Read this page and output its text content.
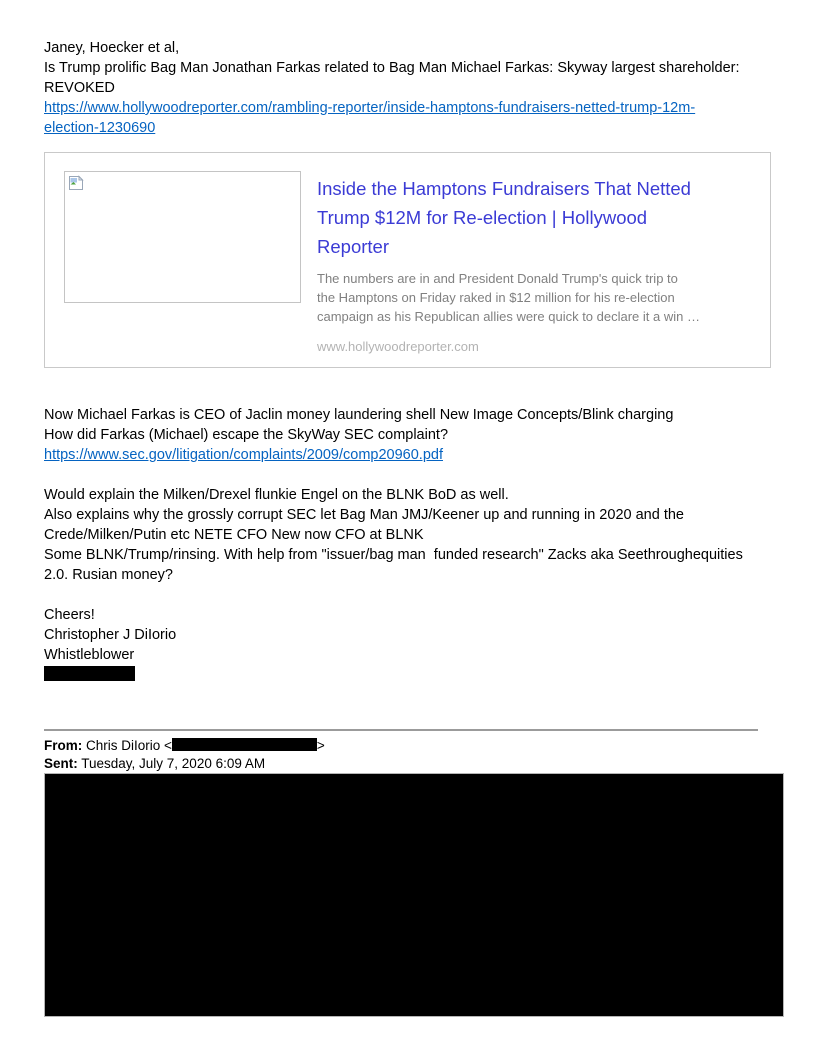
Janey, Hoecker et al,
Is Trump prolific Bag Man Jonathan Farkas related to Bag Man Michael Farkas: Skyway largest shareholder:
REVOKED
https://www.hollywoodreporter.com/rambling-reporter/inside-hamptons-fundraisers-netted-trump-12m-
election-1230690
Inside the Hamptons Fundraisers That Netted
Trump $12M for Re-election | Hollywood
Reporter
The numbers are in and President Donald Trump's quick trip to
the Hamptons on Friday raked in $12 million for his re-election
campaign as his Republican allies were quick to declare it a win …
www.hollywoodreporter.com
Now Michael Farkas is CEO of Jaclin money laundering shell New Image Concepts/Blink charging
How did Farkas (Michael) escape the SkyWay SEC complaint?
https://www.sec.gov/litigation/complaints/2009/comp20960.pdf
Would explain the Milken/Drexel flunkie Engel on the BLNK BoD as well.
Also explains why the grossly corrupt SEC let Bag Man JMJ/Keener up and running in 2020 and the
Crede/Milken/Putin etc NETE CFO New now CFO at BLNK
Some BLNK/Trump/rinsing. With help from "issuer/bag man  funded research" Zacks aka Seethroughequities
2.0. Rusian money?
Cheers!
Christopher J DiIorio
Whistleblower
From: Chris DiIorio <	>
Sent: Tuesday, July 7, 2020 6:09 AM
